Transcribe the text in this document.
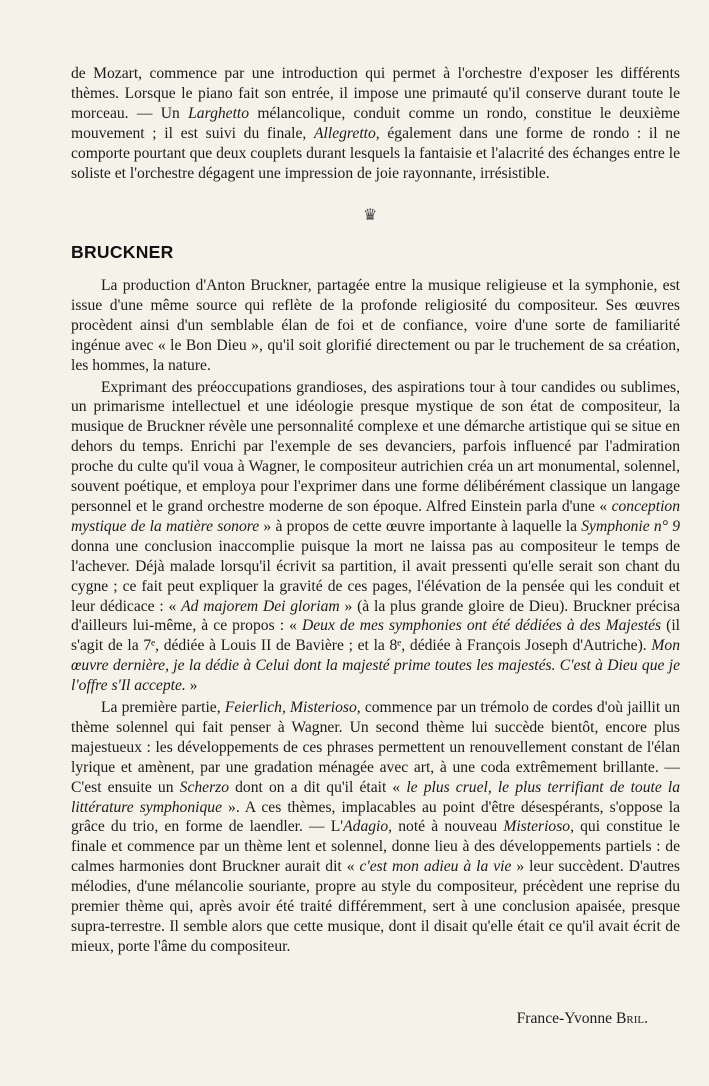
de Mozart, commence par une introduction qui permet à l'orchestre d'exposer les différents thèmes. Lorsque le piano fait son entrée, il impose une primauté qu'il conserve durant toute le morceau. — Un Larghetto mélancolique, conduit comme un rondo, constitue le deuxième mouvement ; il est suivi du finale, Allegretto, également dans une forme de rondo : il ne comporte pourtant que deux couplets durant lesquels la fantaisie et l'alacrité des échanges entre le soliste et l'orchestre dégagent une impression de joie rayonnante, irrésistible.

♛
BRUCKNER

La production d'Anton Bruckner, partagée entre la musique religieuse et la symphonie, est issue d'une même source qui reflète de la profonde religiosité du compositeur. Ses œuvres procèdent ainsi d'un semblable élan de foi et de confiance, voire d'une sorte de familiarité ingénue avec « le Bon Dieu », qu'il soit glorifié directement ou par le truchement de sa création, les hommes, la nature.

Exprimant des préoccupations grandioses, des aspirations tour à tour candides ou sublimes, un primarisme intellectuel et une idéologie presque mystique de son état de compositeur, la musique de Bruckner révèle une personnalité complexe et une démarche artistique qui se situe en dehors du temps. Enrichi par l'exemple de ses devanciers, parfois influencé par l'admiration proche du culte qu'il voua à Wagner, le compositeur autrichien créa un art monumental, solennel, souvent poétique, et employa pour l'exprimer dans une forme délibérément classique un langage personnel et le grand orchestre moderne de son époque. Alfred Einstein parla d'une « conception mystique de la matière sonore » à propos de cette œuvre importante à laquelle la Symphonie n° 9 donna une conclusion inaccomplie puisque la mort ne laissa pas au compositeur le temps de l'achever. Déjà malade lorsqu'il écrivit sa partition, il avait pressenti qu'elle serait son chant du cygne ; ce fait peut expliquer la gravité de ces pages, l'élévation de la pensée qui les conduit et leur dédicace : « Ad majorem Dei gloriam » (à la plus grande gloire de Dieu). Bruckner précisa d'ailleurs lui-même, à ce propos : « Deux de mes symphonies ont été dédiées à des Majestés (il s'agit de la 7ᵉ, dédiée à Louis II de Bavière ; et la 8ᵉ, dédiée à François Joseph d'Autriche). Mon œuvre dernière, je la dédie à Celui dont la majesté prime toutes les majestés. C'est à Dieu que je l'offre s'Il accepte. »

La première partie, Feierlich, Misterioso, commence par un trémolo de cordes d'où jaillit un thème solennel qui fait penser à Wagner. Un second thème lui succède bientôt, encore plus majestueux : les développements de ces phrases permettent un renouvellement constant de l'élan lyrique et amènent, par une gradation ménagée avec art, à une coda extrêmement brillante. — C'est ensuite un Scherzo dont on a dit qu'il était « le plus cruel, le plus terrifiant de toute la littérature symphonique ». A ces thèmes, implacables au point d'être désespérants, s'oppose la grâce du trio, en forme de laendler. — L'Adagio, noté à nouveau Misterioso, qui constitue le finale et commence par un thème lent et solennel, donne lieu à des développements partiels : de calmes harmonies dont Bruckner aurait dit « c'est mon adieu à la vie » leur succèdent. D'autres mélodies, d'une mélancolie souriante, propre au style du compositeur, précèdent une reprise du premier thème qui, après avoir été traité différemment, sert à une conclusion apaisée, presque supra-terrestre. Il semble alors que cette musique, dont il disait qu'elle était ce qu'il avait écrit de mieux, porte l'âme du compositeur.

France-Yvonne Bril.
